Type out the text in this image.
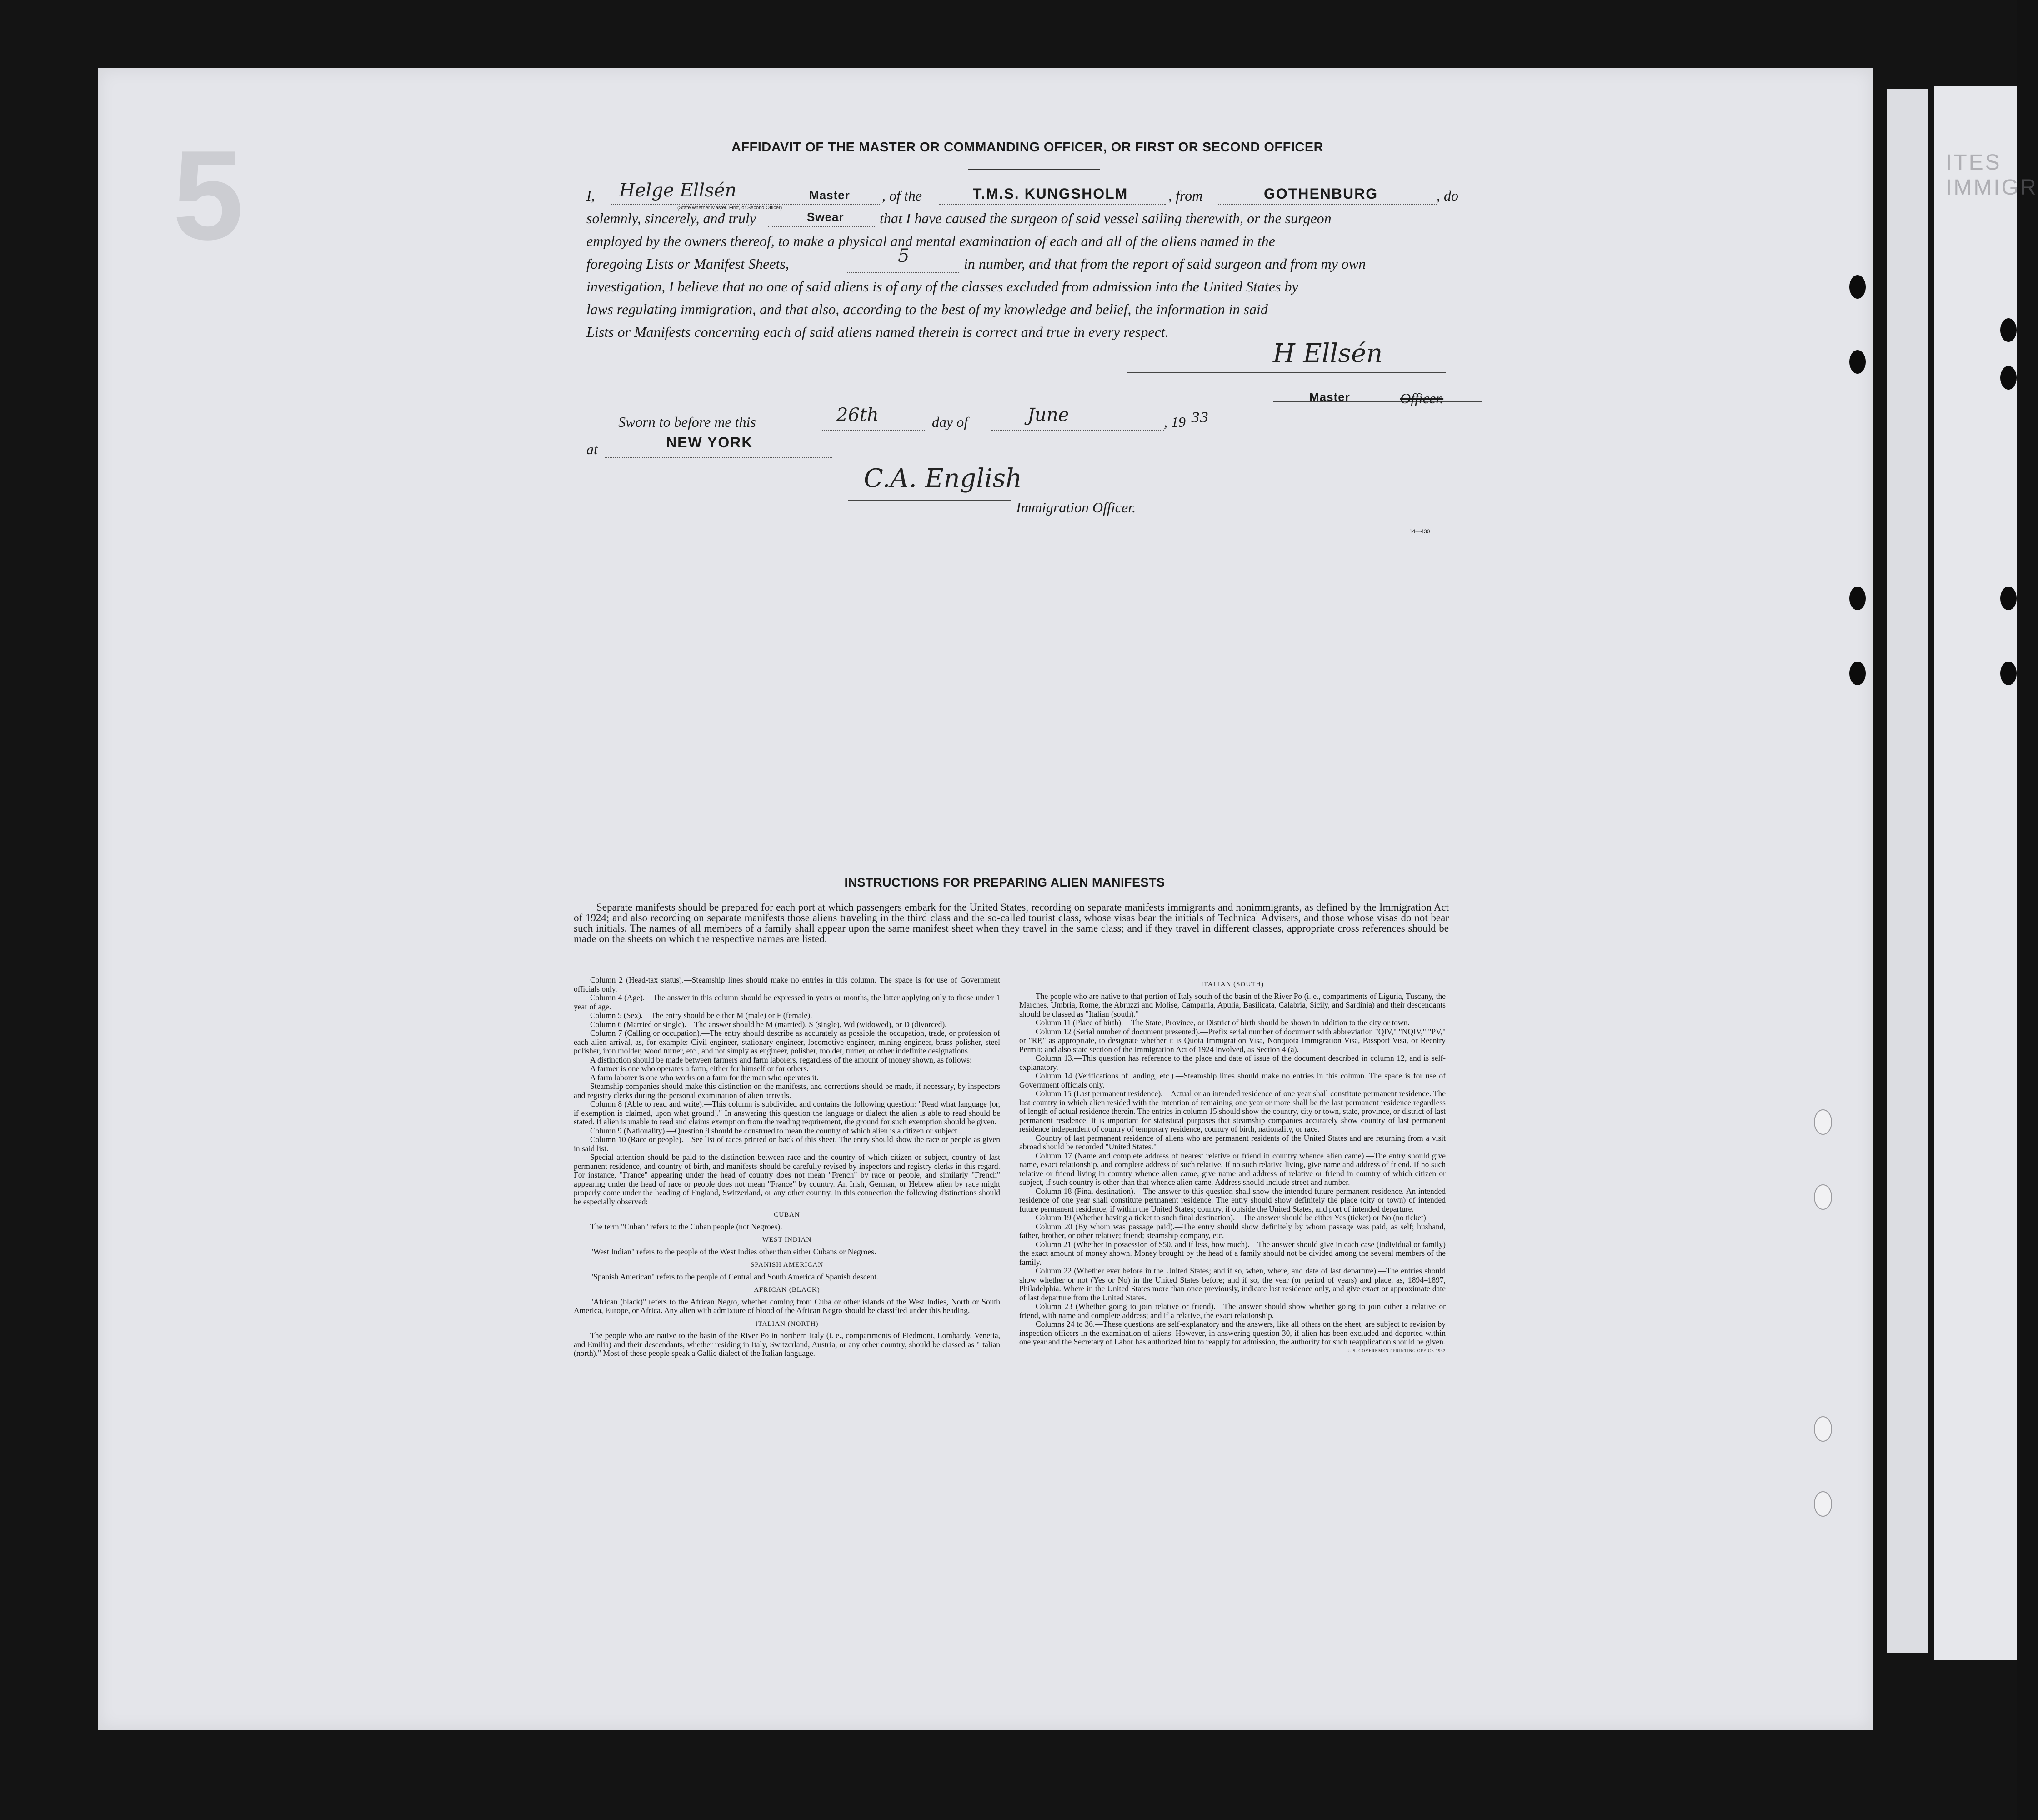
5	ITES IMMIGR
AFFIDAVIT OF THE MASTER OR COMMANDING OFFICER, OR FIRST OR SECOND OFFICER
I, Helge Ellsén	Master
(State whether Master, First, or Second Officer)
, of the	T.M.S. KUNGSHOLM	, from	GOTHENBURG	, do
solemnly, sincerely, and truly	Swear that I have caused the surgeon of said vessel sailing therewith, or the surgeon
employed by the owners thereof, to make a physical and mental examination of each and all of the aliens named in the
foregoing Lists or Manifest Sheets,	5	in number, and that from the report of said surgeon and from my own
investigation, I believe that no one of said aliens is of any of the classes excluded from admission into the United States by
laws regulating immigration, and that also, according to the best of my knowledge and belief, the information in said
Lists or Manifests concerning each of said aliens named therein is correct and true in every respect.
H Ellsén
Master	Officer.
Sworn to before me this	26th	day of	June	, 19 33
at	NEW YORK
C.A. English
Immigration Officer.
14—430
INSTRUCTIONS FOR PREPARING ALIEN MANIFESTS
Separate manifests should be prepared for each port at which passengers embark for the United States, recording on separate manifests immigrants and nonimmigrants, as defined by the Immigration Act of 1924; and also recording on separate manifests those aliens traveling in the third class and the so-called tourist class, whose visas bear the initials of Technical Advisers, and those whose visas do not bear such initials. The names of all members of a family shall appear upon the same manifest sheet when they travel in the same class; and if they travel in different classes, appropriate cross references should be made on the sheets on which the respective names are listed.

Column 2 (Head-tax status).—Steamship lines should make no entries in this column. The space is for use of Government officials only.

Column 4 (Age).—The answer in this column should be expressed in years or months, the latter applying only to those under 1 year of age.

Column 5 (Sex).—The entry should be either M (male) or F (female).

Column 6 (Married or single).—The answer should be M (married), S (single), Wd (widowed), or D (divorced).

Column 7 (Calling or occupation).—The entry should describe as accurately as possible the occupation, trade, or profession of each alien arrival, as, for example: Civil engineer, stationary engineer, locomotive engineer, mining engineer, brass polisher, steel polisher, iron molder, wood turner, etc., and not simply as engineer, polisher, molder, turner, or other indefinite designations.

A distinction should be made between farmers and farm laborers, regardless of the amount of money shown, as follows:

A farmer is one who operates a farm, either for himself or for others.

A farm laborer is one who works on a farm for the man who operates it.

Steamship companies should make this distinction on the manifests, and corrections should be made, if necessary, by inspectors and registry clerks during the personal examination of alien arrivals.

Column 8 (Able to read and write).—This column is subdivided and contains the following question: "Read what language [or, if exemption is claimed, upon what ground]." In answering this question the language or dialect the alien is able to read should be stated. If alien is unable to read and claims exemption from the reading requirement, the ground for such exemption should be given.

Column 9 (Nationality).—Question 9 should be construed to mean the country of which alien is a citizen or subject.

Column 10 (Race or people).—See list of races printed on back of this sheet. The entry should show the race or people as given in said list.

Special attention should be paid to the distinction between race and the country of which citizen or subject, country of last permanent residence, and country of birth, and manifests should be carefully revised by inspectors and registry clerks in this regard. For instance, "France" appearing under the head of country does not mean "French" by race or people, and similarly "French" appearing under the head of race or people does not mean "France" by country. An Irish, German, or Hebrew alien by race might properly come under the heading of England, Switzerland, or any other country. In this connection the following distinctions should be especially observed:

CUBAN

The term "Cuban" refers to the Cuban people (not Negroes).

WEST INDIAN

"West Indian" refers to the people of the West Indies other than either Cubans or Negroes.

SPANISH AMERICAN

"Spanish American" refers to the people of Central and South America of Spanish descent.

AFRICAN (BLACK)

"African (black)" refers to the African Negro, whether coming from Cuba or other islands of the West Indies, North or South America, Europe, or Africa. Any alien with admixture of blood of the African Negro should be classified under this heading.

ITALIAN (NORTH)

The people who are native to the basin of the River Po in northern Italy (i. e., compartments of Piedmont, Lombardy, Venetia, and Emilia) and their descendants, whether residing in Italy, Switzerland, Austria, or any other country, should be classed as "Italian (north)." Most of these people speak a Gallic dialect of the Italian language.

ITALIAN (SOUTH)

The people who are native to that portion of Italy south of the basin of the River Po (i. e., compartments of Liguria, Tuscany, the Marches, Umbria, Rome, the Abruzzi and Molise, Campania, Apulia, Basilicata, Calabria, Sicily, and Sardinia) and their descendants should be classed as "Italian (south)."

Column 11 (Place of birth).—The State, Province, or District of birth should be shown in addition to the city or town.

Column 12 (Serial number of document presented).—Prefix serial number of document with abbreviation "QIV," "NQIV," "PV," or "RP," as appropriate, to designate whether it is Quota Immigration Visa, Nonquota Immigration Visa, Passport Visa, or Reentry Permit; and also state section of the Immigration Act of 1924 involved, as Section 4 (a).

Column 13.—This question has reference to the place and date of issue of the document described in column 12, and is self-explanatory.

Column 14 (Verifications of landing, etc.).—Steamship lines should make no entries in this column. The space is for use of Government officials only.

Column 15 (Last permanent residence).—Actual or an intended residence of one year shall constitute permanent residence. The last country in which alien resided with the intention of remaining one year or more shall be the last permanent residence regardless of length of actual residence therein. The entries in column 15 should show the country, city or town, state, province, or district of last permanent residence. It is important for statistical purposes that steamship companies accurately show country of last permanent residence independent of country of temporary residence, country of birth, nationality, or race.

Country of last permanent residence of aliens who are permanent residents of the United States and are returning from a visit abroad should be recorded "United States."

Column 17 (Name and complete address of nearest relative or friend in country whence alien came).—The entry should give name, exact relationship, and complete address of such relative. If no such relative living, give name and address of friend. If no such relative or friend living in country whence alien came, give name and address of relative or friend in country of which citizen or subject, if such country is other than that whence alien came. Address should include street and number.

Column 18 (Final destination).—The answer to this question shall show the intended future permanent residence. An intended residence of one year shall constitute permanent residence. The entry should show definitely the place (city or town) of intended future permanent residence, if within the United States; country, if outside the United States, and port of intended departure.

Column 19 (Whether having a ticket to such final destination).—The answer should be either Yes (ticket) or No (no ticket).

Column 20 (By whom was passage paid).—The entry should show definitely by whom passage was paid, as self; husband, father, brother, or other relative; friend; steamship company, etc.

Column 21 (Whether in possession of $50, and if less, how much).—The answer should give in each case (individual or family) the exact amount of money shown. Money brought by the head of a family should not be divided among the several members of the family.

Column 22 (Whether ever before in the United States; and if so, when, where, and date of last departure).—The entries should show whether or not (Yes or No) in the United States before; and if so, the year (or period of years) and place, as, 1894–1897, Philadelphia. Where in the United States more than once previously, indicate last residence only, and give exact or approximate date of last departure from the United States.

Column 23 (Whether going to join relative or friend).—The answer should show whether going to join either a relative or friend, with name and complete address; and if a relative, the exact relationship.

Columns 24 to 36.—These questions are self-explanatory and the answers, like all others on the sheet, are subject to revision by inspection officers in the examination of aliens. However, in answering question 30, if alien has been excluded and deported within one year and the Secretary of Labor has authorized him to reapply for admission, the authority for such reapplication should be given.

U. S. GOVERNMENT PRINTING OFFICE 1932
